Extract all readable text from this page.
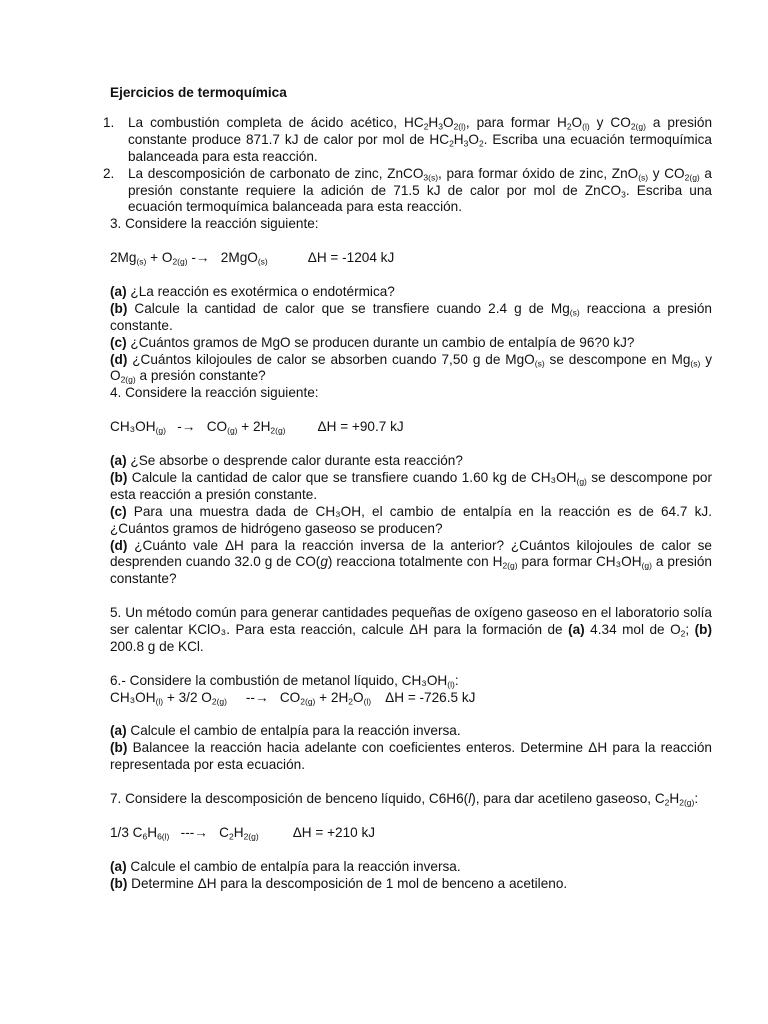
Ejercicios de termoquímica
1. La combustión completa de ácido acético, $HC_2H_3O_{2(l)}$, para formar $H_2O_{(l)}$ y $CO_{2(g)}$ a presión constante produce 871.7 kJ de calor por mol de $HC_2H_3O_2$. Escriba una ecuación termoquímica balanceada para esta reacción.
2. La descomposición de carbonato de zinc, ZnCO$_{3(s)}$, para formar óxido de zinc, ZnO$_{(s)}$ y $CO_{2(g)}$ a presión constante requiere la adición de 71.5 kJ de calor por mol de ZnCO$_3$. Escriba una ecuación termoquímica balanceada para esta reacción.
3. Considere la reacción siguiente:
$2Mg_{(s)} + O_{2(g)} -\to 2MgO_{(s)}$	ΔH = -1204 kJ
(a) ¿La reacción es exotérmica o endotérmica?
(b) Calcule la cantidad de calor que se transfiere cuando 2.4 g de $Mg_{(s)}$ reacciona a presión constante.
(c) ¿Cuántos gramos de MgO se producen durante un cambio de entalpía de 96?0 kJ?
(d) ¿Cuántos kilojoules de calor se absorben cuando 7,50 g de MgO$_{(s)}$ se descompone en $Mg_{(s)}$ y $O_{2(g)}$ a presión constante?
4. Considere la reacción siguiente:
$CH_3OH_{(g)} -\to CO_{(g)} + 2H_{2(g)}$ ΔH = +90.7 kJ
(a) ¿Se absorbe o desprende calor durante esta reacción?
(b) Calcule la cantidad de calor que se transfiere cuando 1.60 kg de $CH_3OH_{(g)}$ se descompone por esta reacción a presión constante.
(c) Para una muestra dada de CH₃OH, el cambio de entalpía en la reacción es de 64.7 kJ. ¿Cuántos gramos de hidrógeno gaseoso se producen?
(d) ¿Cuánto vale ΔH para la reacción inversa de la anterior? ¿Cuántos kilojoules de calor se desprenden cuando 32.0 g de CO(g) reacciona totalmente con $H_{2(g)}$ para formar $CH_3OH_{(g)}$ a presión constante?
5. Un método común para generar cantidades pequeñas de oxígeno gaseoso en el laboratorio solía ser calentar KClO₃. Para esta reacción, calcule ΔH para la formación de (a) 4.34 mol de $O_2$; (b) 200.8 g de KCl.
6.- Considere la combustión de metanol líquido, $CH_3OH_{(l)}$:
$CH_3OH_{(l)} + 3/2$ $O_{2(g)}$     --→   $CO_{2(g)} + 2H_2O_{(l)}$ ΔH = -726.5 kJ
(a) Calcule el cambio de entalpía para la reacción inversa.
(b) Balancee la reacción hacia adelante con coeficientes enteros. Determine ΔH para la reacción representada por esta ecuación.
7. Considere la descomposición de benceno líquido, C6H6(l), para dar acetileno gaseoso, $C_2H_{2(g)}$:
1/3 $C_6H_{6(l)}$   ---→   $C_2H_{2(g)}$	ΔH = +210 kJ
(a) Calcule el cambio de entalpía para la reacción inversa.
(b) Determine ΔH para la descomposición de 1 mol de benceno a acetileno.
